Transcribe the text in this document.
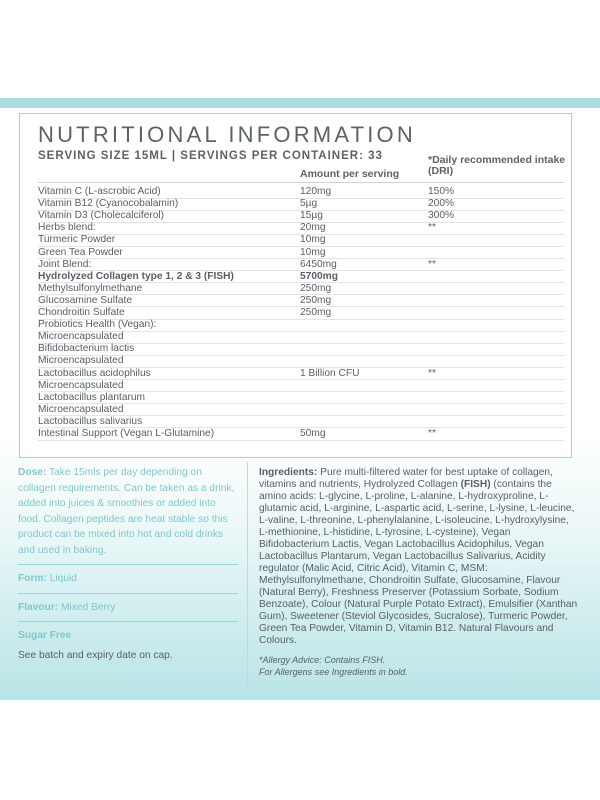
NUTRITIONAL INFORMATION
SERVING SIZE 15ML | SERVINGS PER CONTAINER: 33
Amount per serving
*Daily recommended intake (DRI)
Vitamin C (L-ascrobic Acid)	120mg	150%
Vitamin B12 (Cyanocobalamin)	5µg	200%
Vitamin D3 (Cholecalciferol)	15µg	300%
Herbs blend:	20mg	**
Turmeric Powder	10mg
Green Tea Powder	10mg
Joint Blend:	6450mg	**
Hydrolyzed Collagen type 1, 2 & 3 (FISH)	5700mg
Methylsulfonylmethane	250mg
Glucosamine Sulfate	250mg
Chondroitin Sulfate	250mg
Probiotics Health (Vegan):
Microencapsulated
Bifidobacterium lactis
Microencapsulated
Lactobacillus acidophilus	1 Billion CFU	**
Microencapsulated
Lactobacillus plantarum
Microencapsulated
Lactobacillus salivarius
Intestinal Support (Vegan L-Glutamine)	50mg	**
Dose: Take 15mls per day depending on collagen requirements. Can be taken as a drink, added into juices & smoothies or added into food. Collagen peptides are heat stable so this product can be mixed into hot and cold drinks and used in baking.
Form: Liquid
Flavour: Mixed Berry
Sugar Free
See batch and expiry date on cap.
Ingredients: Pure multi-filtered water for best uptake of collagen, vitamins and nutrients, Hydrolyzed Collagen (FISH) (contains the amino acids: L-glycine, L-proline, L-alanine, L-hydroxyproline, L-glutamic acid, L-arginine, L-aspartic acid, L-serine, L-lysine, L-leucine, L-valine, L-threonine, L-phenylalanine, L-isoleucine, L-hydroxylysine, L-methionine, L-histidine, L-tyrosine, L-cysteine), Vegan Bifidobacterium Lactis, Vegan Lactobacillus Acidophilus, Vegan Lactobacillus Plantarum, Vegan Lactobacillus Salivarius, Acidity regulator (Malic Acid, Citric Acid), Vitamin C, MSM: Methylsulfonylmethane, Chondroitin Sulfate, Glucosamine, Flavour (Natural Berry), Freshness Preserver (Potassium Sorbate, Sodium Benzoate), Colour (Natural Purple Potato Extract), Emulsifier (Xanthan Gum), Sweetener (Steviol Glycosides, Sucralose), Turmeric Powder, Green Tea Powder, Vitamin D, Vitamin B12. Natural Flavours and Colours.
*Allergy Advice: Contains FISH.
For Allergens see Ingredients in bold.
